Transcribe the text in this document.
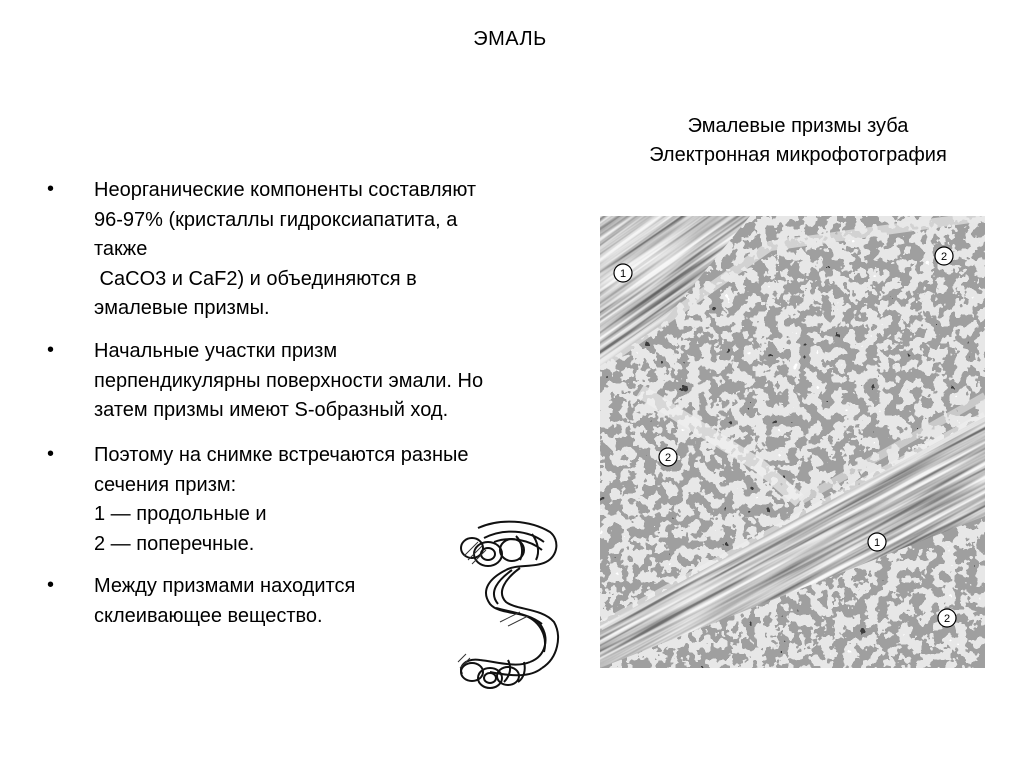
ЭМАЛЬ
Эмалевые призмы зуба
Электронная микрофотография
• Неорганические компоненты составляют
96-97% (кристаллы гидроксиапатита, а
также
CaCO3 и CaF2) и объединяются в
эмалевые призмы.
• Начальные участки призм
перпендикулярны поверхности эмали. Но
затем призмы имеют S-образный ход.
• Поэтому на снимке встречаются разные
сечения призм:
1 — продольные и
2 — поперечные.
• Между призмами находится
склеивающее вещество.
1
2
2
1
2
